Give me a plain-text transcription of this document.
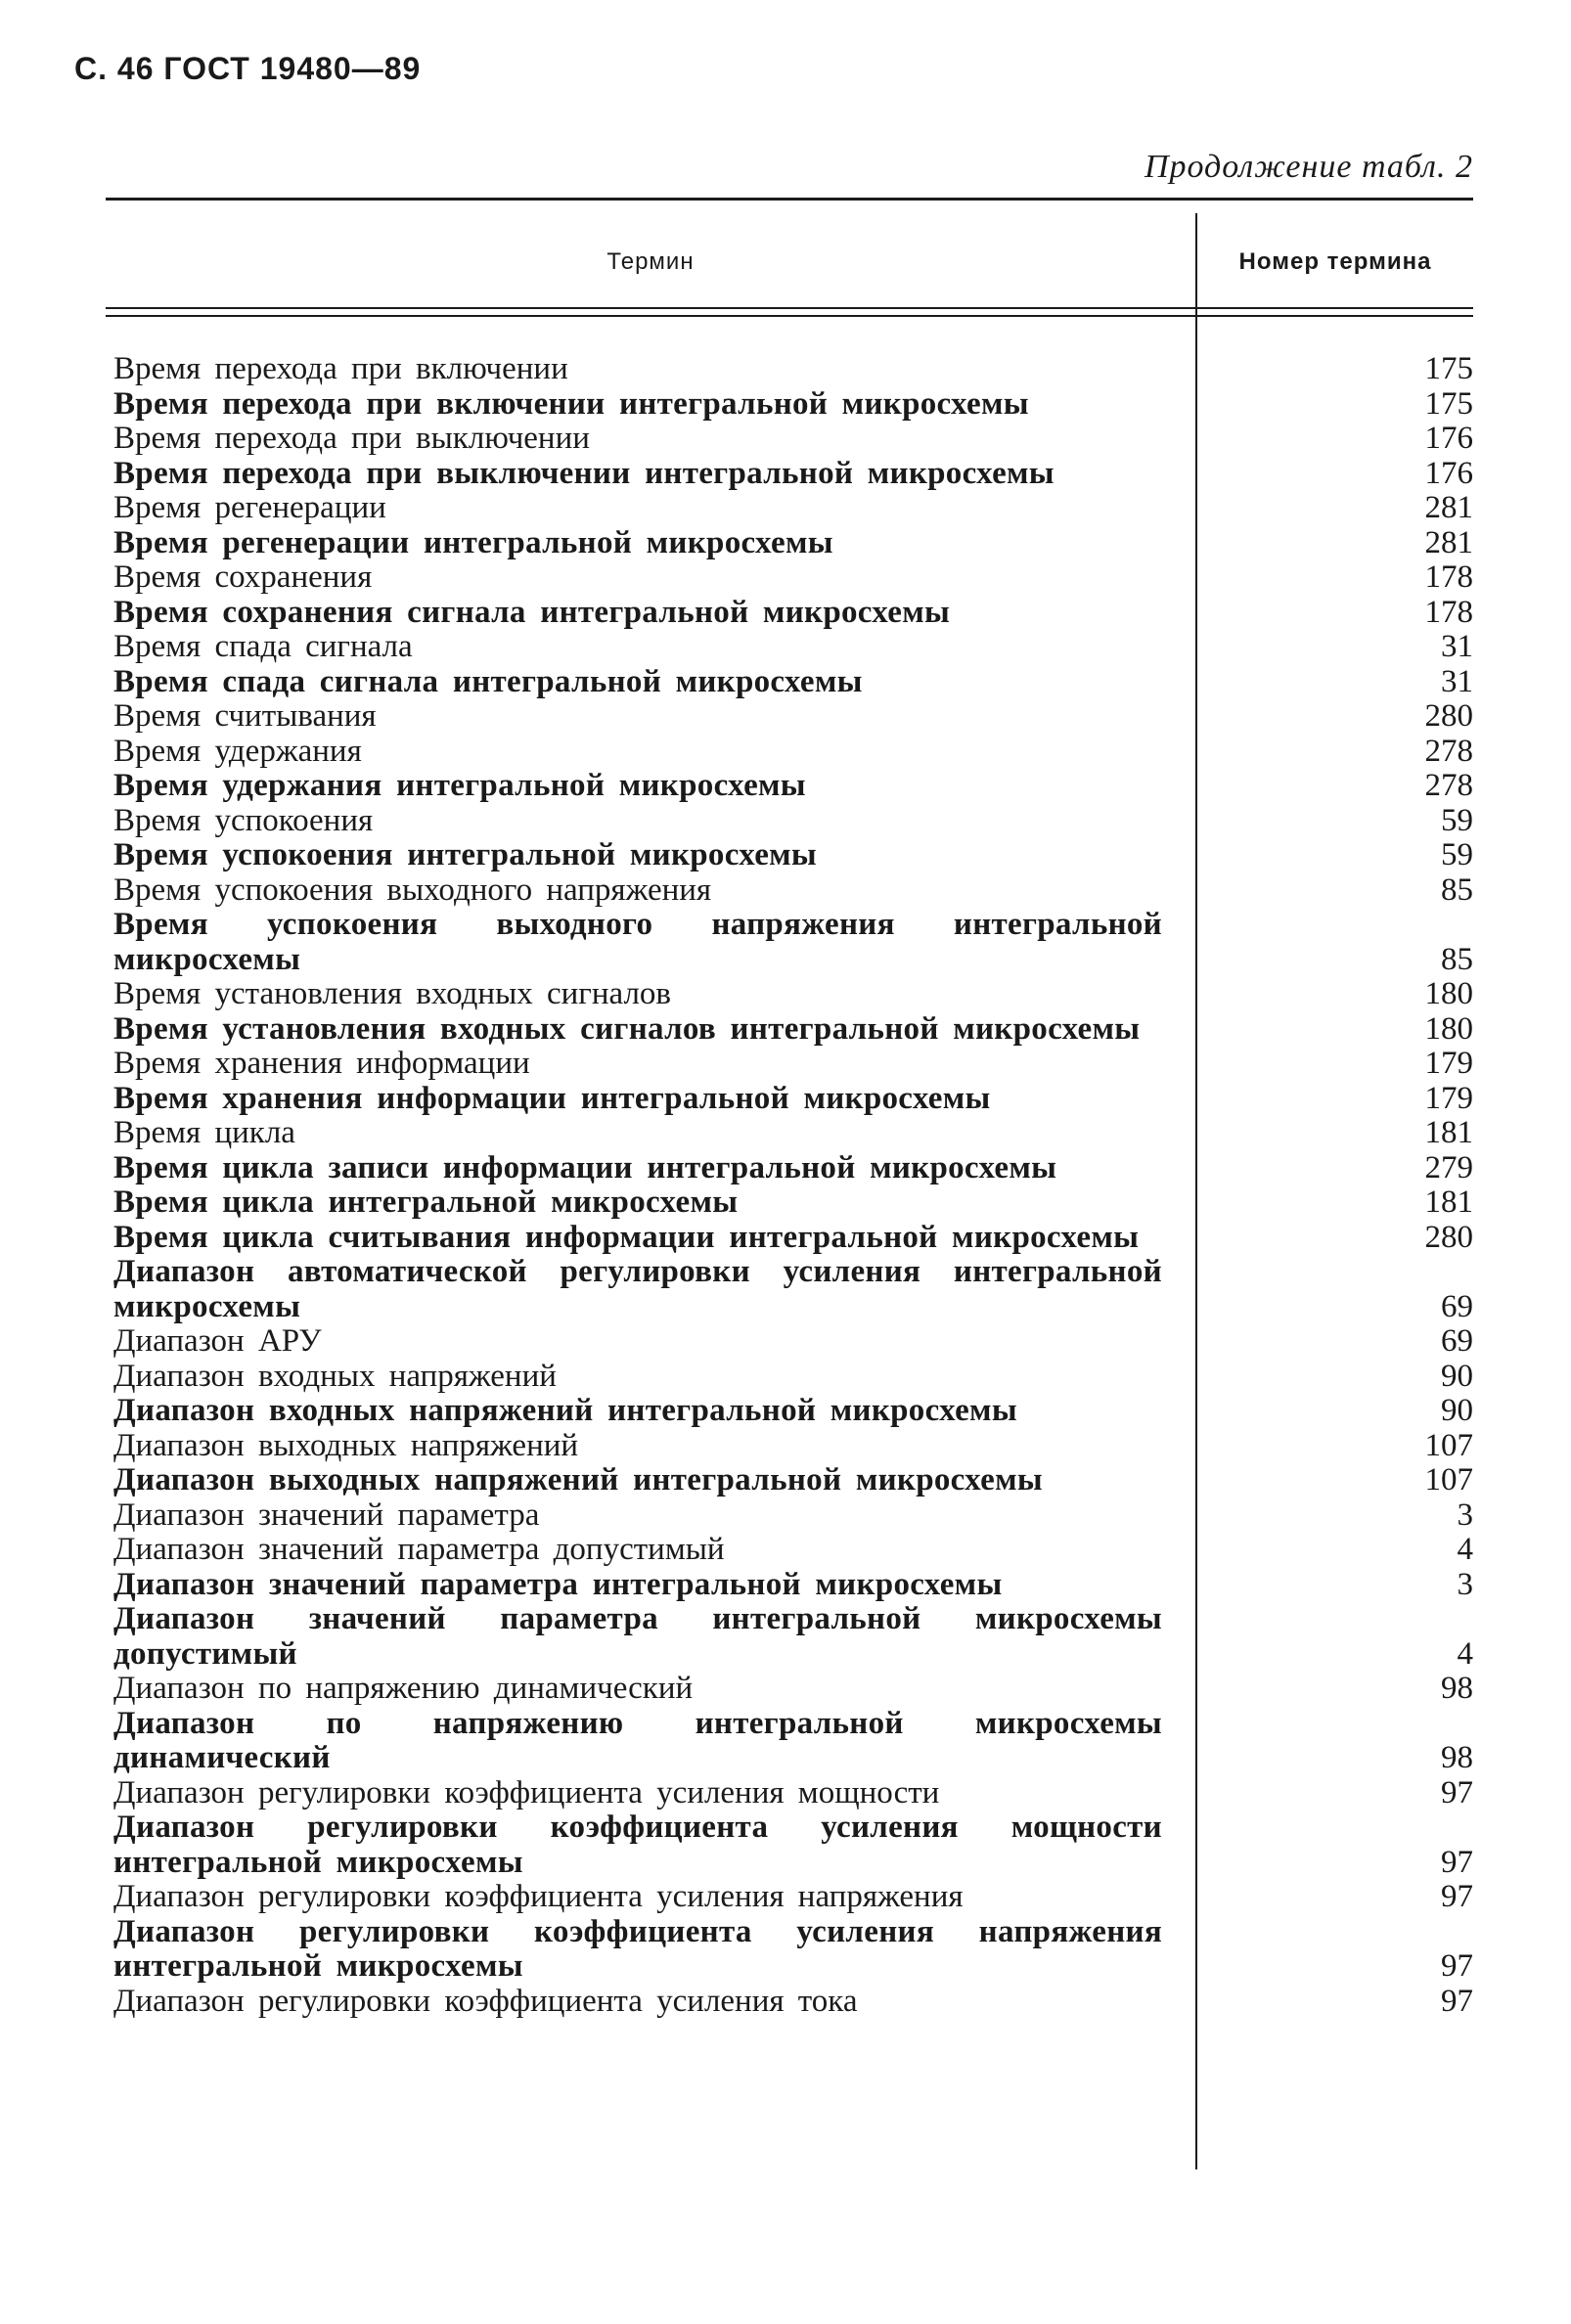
С. 46 ГОСТ 19480—89
Продолжение табл. 2
Термин	Номер термина
Время перехода при включении	175
Время перехода при включении интегральной микросхемы	175
Время перехода при выключении	176
Время перехода при выключении интегральной микросхемы	176
Время регенерации	281
Время регенерации интегральной микросхемы	281
Время сохранения	178
Время сохранения сигнала интегральной микросхемы	178
Время спада сигнала	31
Время спада сигнала интегральной микросхемы	31
Время считывания	280
Время удержания	278
Время удержания интегральной микросхемы	278
Время успокоения	59
Время успокоения интегральной микросхемы	59
Время успокоения выходного напряжения	85
Время успокоения выходного напряжения интегральной микросхемы	85
Время установления входных сигналов	180
Время установления входных сигналов интегральной микросхемы	180
Время хранения информации	179
Время хранения информации интегральной микросхемы	179
Время цикла	181
Время цикла записи информации интегральной микросхемы	279
Время цикла интегральной микросхемы	181
Время цикла считывания информации интегральной микросхемы	280
Диапазон автоматической регулировки усиления интегральной микросхемы	69
Диапазон АРУ	69
Диапазон входных напряжений	90
Диапазон входных напряжений интегральной микросхемы	90
Диапазон выходных напряжений	107
Диапазон выходных напряжений интегральной микросхемы	107
Диапазон значений параметра	3
Диапазон значений параметра допустимый	4
Диапазон значений параметра интегральной микросхемы	3
Диапазон значений параметра интегральной микросхемы допустимый	4
Диапазон по напряжению динамический	98
Диапазон по напряжению интегральной микросхемы динамический	98
Диапазон регулировки коэффициента усиления мощности	97
Диапазон регулировки коэффициента усиления мощности интегральной микросхемы	97
Диапазон регулировки коэффициента усиления напряжения	97
Диапазон регулировки коэффициента усиления напряжения интегральной микросхемы	97
Диапазон регулировки коэффициента усиления тока	97
